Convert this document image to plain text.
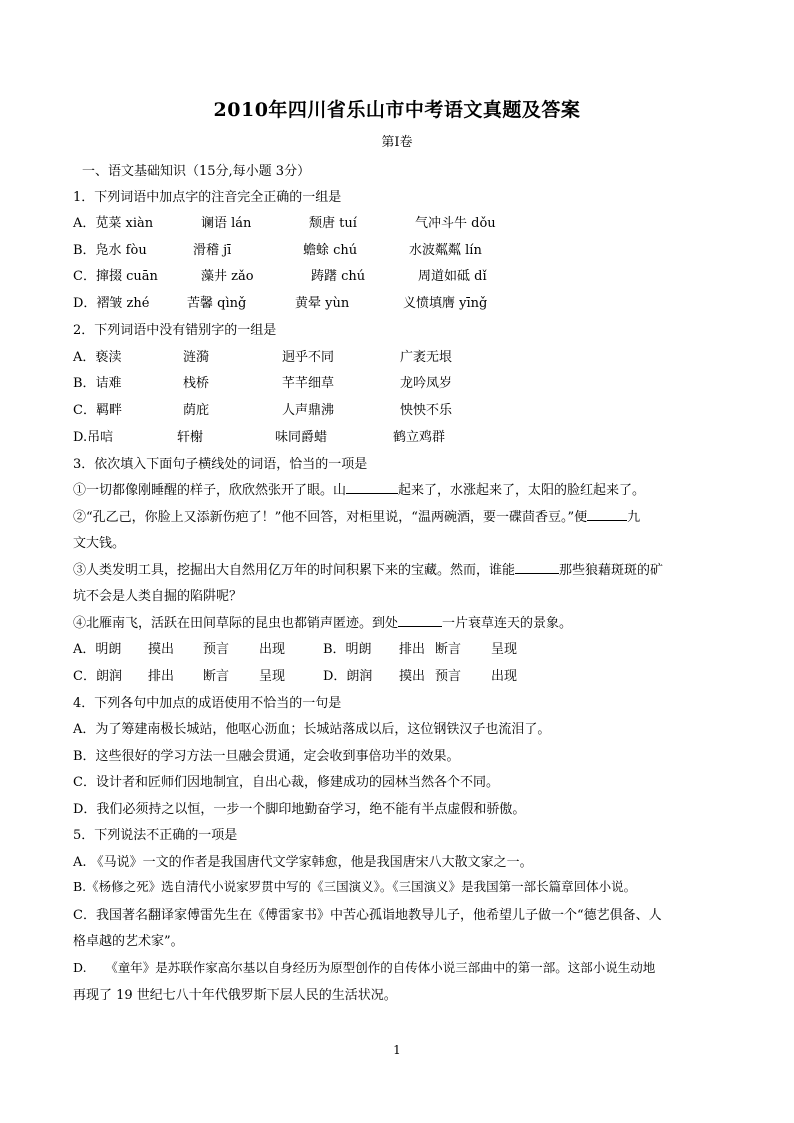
2010年四川省乐山市中考语文真题及答案
第Ⅰ卷
一、语文基础知识（15分,每小题 3分）
1．下列词语中加点字的注音完全正确的一组是
A．苋菜 xiàn	谰语 lán	颓唐 tuí	气冲斗牛 dǒu
B．凫水 fòu	滑稽 jī	蟾蜍 chú	水波粼粼 lín
C．撺掇 cuān	藻井 zǎo	踌躇 chú	周道如砥 dǐ
D．褶皱 zhé	苦馨 qìnǧ	黄晕 yùn	义愤填膺 yīnǧ
2．下列词语中没有错别字的一组是
A．亵渎	涟漪	迥乎不同	广袤无垠
B．诘难	栈桥	芊芊细草	龙吟凤岁
C．羁畔	荫庇	人声鼎沸	怏怏不乐
D.吊唁	轩榭	味同爵蜡	鹤立鸡群
3．依次填入下面句子横线处的词语，恰当的一项是
①一切都像刚睡醒的样子，欣欣然张开了眼。山	起来了，水涨起来了，太阳的脸红起来了。
②“孔乙己，你脸上又添新伤疤了！”他不回答，对柜里说，“温两碗酒，要一碟茴香豆。”便	九
文大钱。
③人类发明工具，挖掘出大自然用亿万年的时间积累下来的宝藏。然而，谁能	那些狼藉斑斑的矿
坑不会是人类自掘的陷阱呢？
④北雁南飞，活跃在田间草际的昆虫也都销声匿迹。到处	一片衰草连天的景象。
A．明朗 摸出 预言 出现	B．明朗 排出 断言 呈现
C．朗润 排出 断言 呈现	D．朗润 摸出 预言 出现
4．下列各句中加点的成语使用不恰当的一句是
A．为了筹建南极长城站，他呕心沥血；长城站落成以后，这位钢铁汉子也流泪了。
B．这些很好的学习方法一旦融会贯通，定会收到事倍功半的效果。
C．设计者和匠师们因地制宜，自出心裁，修建成功的园林当然各个不同。
D．我们必须持之以恒，一步一个脚印地勤奋学习，绝不能有半点虚假和骄傲。
5．下列说法不正确的一项是
A. 《马说》一文的作者是我国唐代文学家韩愈，他是我国唐宋八大散文家之一。
B.《杨修之死》选自清代小说家罗贯中写的《三国演义》。《三国演义》是我国第一部长篇章回体小说。
C．我国著名翻译家傅雷先生在《傅雷家书》中苦心孤诣地教导儿子，他希望儿子做一个“德艺俱备、人
格卓越的艺术家”。
D.　　《童年》是苏联作家高尔基以自身经历为原型创作的自传体小说三部曲中的第一部。这部小说生动地
再现了 19 世纪七八十年代俄罗斯下层人民的生活状况。
1
